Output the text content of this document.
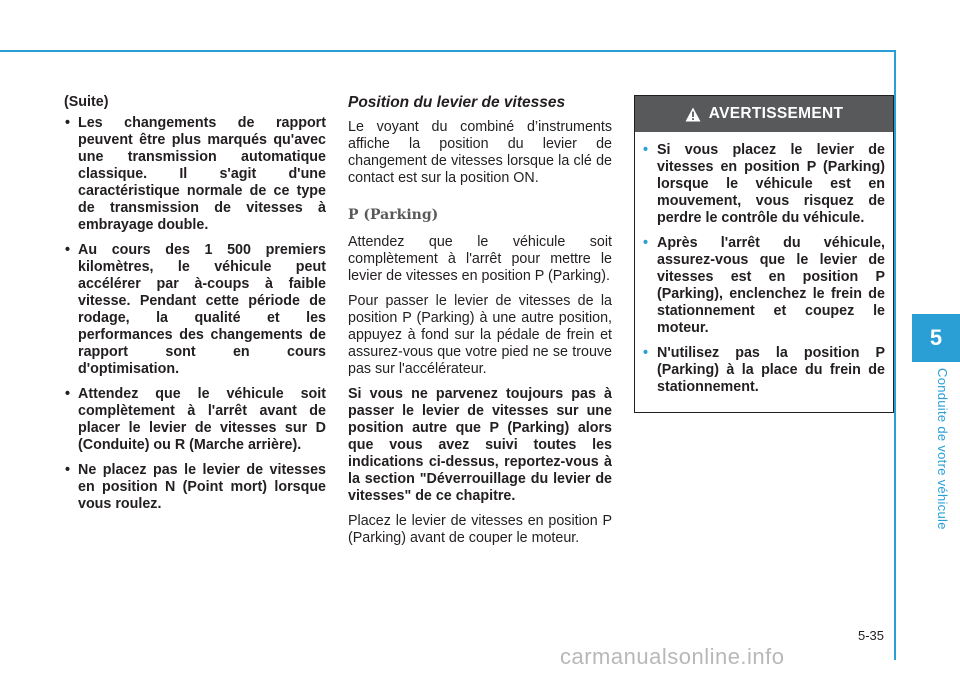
5
Conduite de votre véhicule

(Suite)

• Les changements de rapport peuvent être plus marqués qu'avec une transmission automatique classique. Il s'agit d'une caractéristique normale de ce type de transmission de vitesses à embrayage double.
• Au cours des 1 500 premiers kilomètres, le véhicule peut accélérer par à-coups à faible vitesse. Pendant cette période de rodage, la qualité et les performances des changements de rapport sont en cours d'optimisation.
• Attendez que le véhicule soit complètement à l'arrêt avant de placer le levier de vitesses sur D (Conduite) ou R (Marche arrière).
• Ne placez pas le levier de vitesses en position N (Point mort) lorsque vous roulez.

Position du levier de vitesses

Le voyant du combiné d’instruments affiche la position du levier de changement de vitesses lorsque la clé de contact est sur la position ON.

P (Parking)

Attendez que le véhicule soit complètement à l'arrêt pour mettre le levier de vitesses en position P (Parking).

Pour passer le levier de vitesses de la position P (Parking) à une autre position, appuyez à fond sur la pédale de frein et assurez-vous que votre pied ne se trouve pas sur l'accélérateur.

Si vous ne parvenez toujours pas à passer le levier de vitesses sur une position autre que P (Parking) alors que vous avez suivi toutes les indications ci-dessus, reportez-vous à la section "Déverrouillage du levier de vitesses" de ce chapitre.

Placez le levier de vitesses en position P (Parking) avant de couper le moteur.

AVERTISSEMENT
• Si vous placez le levier de vitesses en position P (Parking) lorsque le véhicule est en mouvement, vous risquez de perdre le contrôle du véhicule.
• Après l'arrêt du véhicule, assurez-vous que le levier de vitesses est en position P (Parking), enclenchez le frein de stationnement et coupez le moteur.
• N'utilisez pas la position P (Parking) à la place du frein de stationnement.
5-35
carmanualsonline.info
